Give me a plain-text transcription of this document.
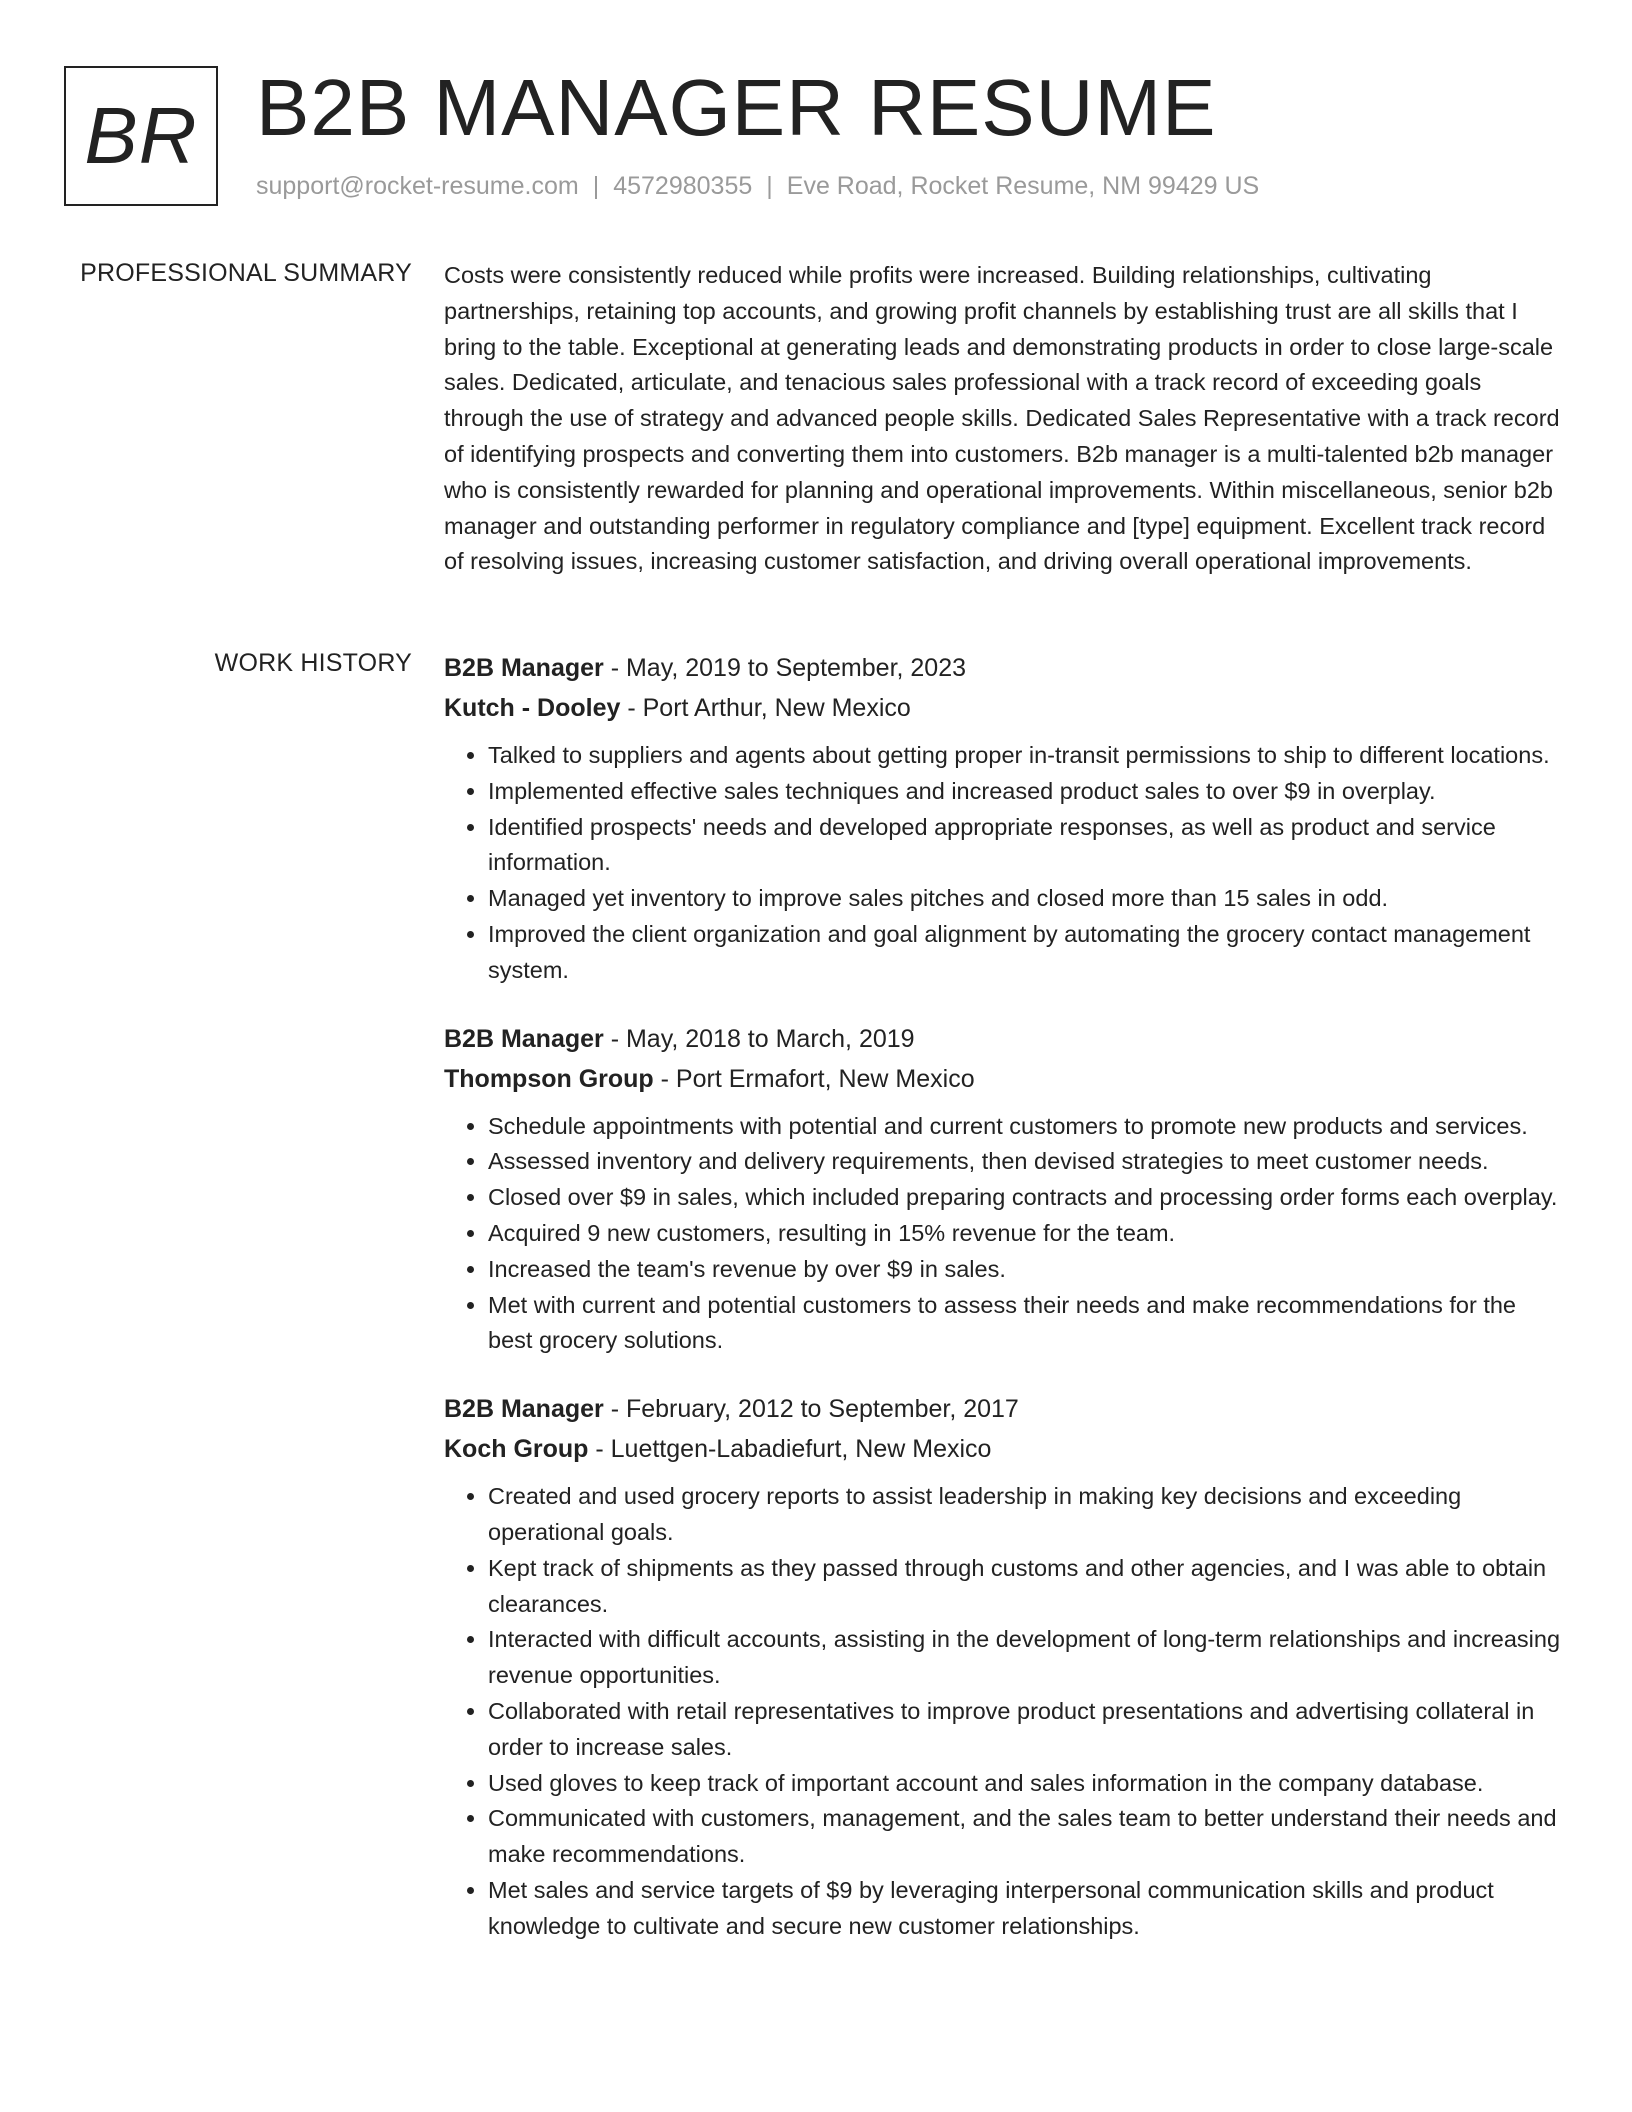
BR B2B MANAGER RESUME
support@rocket-resume.com | 4572980355 | Eve Road, Rocket Resume, NM 99429 US
PROFESSIONAL SUMMARY Costs were consistently reduced while profits were increased. Building relationships, cultivating partnerships, retaining top accounts, and growing profit channels by establishing trust are all skills that I bring to the table. Exceptional at generating leads and demonstrating products in order to close large-scale sales. Dedicated, articulate, and tenacious sales professional with a track record of exceeding goals through the use of strategy and advanced people skills. Dedicated Sales Representative with a track record of identifying prospects and converting them into customers. B2b manager is a multi-talented b2b manager who is consistently rewarded for planning and operational improvements. Within miscellaneous, senior b2b manager and outstanding performer in regulatory compliance and [type] equipment. Excellent track record of resolving issues, increasing customer satisfaction, and driving overall operational improvements.

WORK HISTORY B2B Manager - May, 2019 to September, 2023
Kutch - Dooley - Port Arthur, New Mexico
• Talked to suppliers and agents about getting proper in-transit permissions to ship to different locations.
• Implemented effective sales techniques and increased product sales to over $9 in overplay.
• Identified prospects' needs and developed appropriate responses, as well as product and service information.
• Managed yet inventory to improve sales pitches and closed more than 15 sales in odd.
• Improved the client organization and goal alignment by automating the grocery contact management system.
B2B Manager - May, 2018 to March, 2019
Thompson Group - Port Ermafort, New Mexico
• Schedule appointments with potential and current customers to promote new products and services.
• Assessed inventory and delivery requirements, then devised strategies to meet customer needs.
• Closed over $9 in sales, which included preparing contracts and processing order forms each overplay.
• Acquired 9 new customers, resulting in 15% revenue for the team.
• Increased the team's revenue by over $9 in sales.
• Met with current and potential customers to assess their needs and make recommendations for the best grocery solutions.
B2B Manager - February, 2012 to September, 2017
Koch Group - Luettgen-Labadiefurt, New Mexico
• Created and used grocery reports to assist leadership in making key decisions and exceeding operational goals.
• Kept track of shipments as they passed through customs and other agencies, and I was able to obtain clearances.
• Interacted with difficult accounts, assisting in the development of long-term relationships and increasing revenue opportunities.
• Collaborated with retail representatives to improve product presentations and advertising collateral in order to increase sales.
• Used gloves to keep track of important account and sales information in the company database.
• Communicated with customers, management, and the sales team to better understand their needs and make recommendations.
• Met sales and service targets of $9 by leveraging interpersonal communication skills and product knowledge to cultivate and secure new customer relationships.
